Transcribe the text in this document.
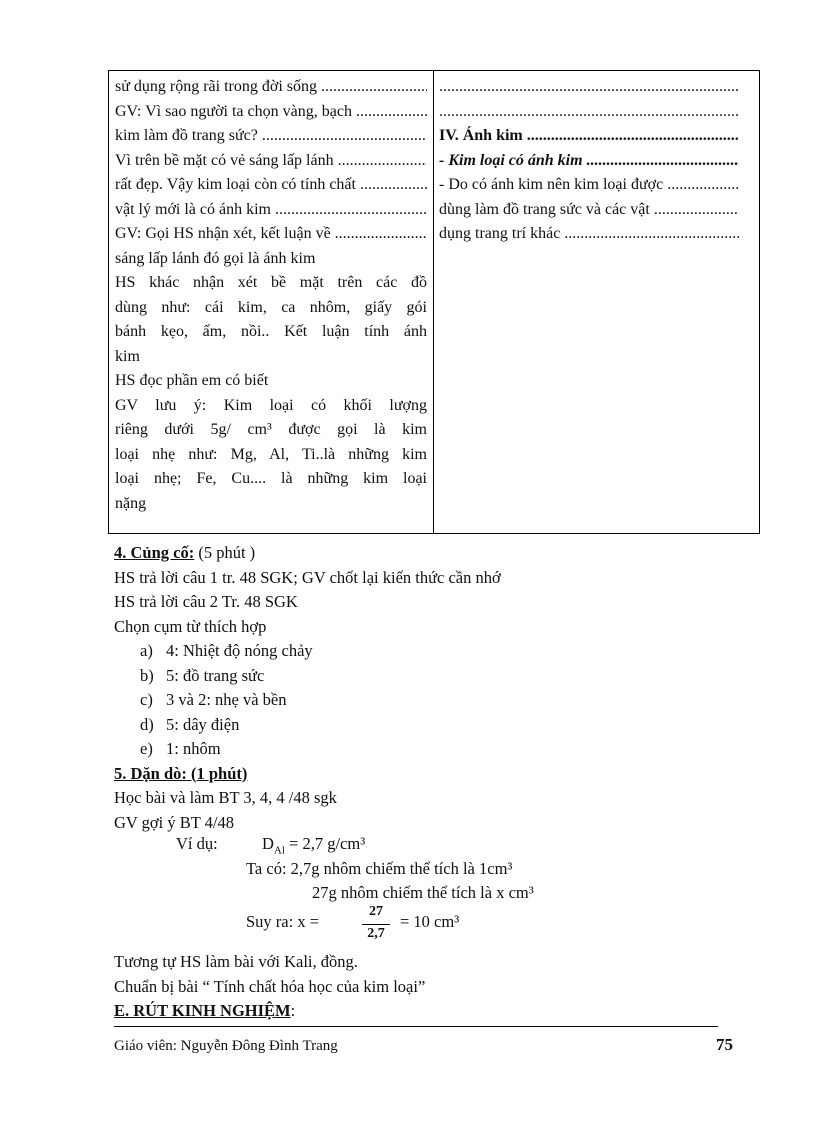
sử dụng rộng rãi trong đời sống .....
GV: Vì sao người ta chọn vàng, bạch .....
kim làm đồ trang sức? .....
Vì trên bề mặt có vẻ sáng lấp lánh .....
rất đẹp. Vậy kim loại còn có tính chất .....
vật lý mới là có ánh kim .....
GV: Gọi HS nhận xét, kết luận về .....
sáng lấp lánh đó gọi là ánh kim
HS khác nhận xét bề mặt trên các đồ
dùng như: cái kim, ca nhôm, giấy gói
bánh kẹo, ấm, nồi.. Kết luận tính ánh
kim
HS đọc phần em có biết
GV lưu ý: Kim loại có khối lượng
riêng dưới 5g/ cm³ được gọi là kim
loại nhẹ như: Mg, Al, Ti..là những kim
loại nhẹ; Fe, Cu.... là những kim loại
nặng
.....
.....
IV. Ánh kim .....
- Kim loại có ánh kim .....
- Do có ánh kim nên kim loại được .....
dùng làm đồ trang sức và các vật .....
dụng trang trí khác .....
4. Củng cố: (5 phút )
HS trả lời câu 1 tr. 48 SGK; GV chốt lại kiến thức cần nhớ
HS trả lời câu 2 Tr. 48 SGK
Chọn cụm từ thích hợp
a) 4: Nhiệt độ nóng chảy
b) 5: đồ trang sức
c) 3 và 2: nhẹ và bền
d) 5: dây điện
e) 1: nhôm
5. Dặn dò: (1 phút)
Học bài và làm BT 3, 4, 4 /48 sgk
GV gợi ý BT 4/48
Ví dụ:	$D_{Al} = 2,7$ g/cm³
Ta có: 2,7g nhôm chiếm thể tích là 1cm³
27g nhôm chiếm thể tích là x cm³
Suy ra: x =
27
2,7
= 10 cm³
Tương tự HS làm bài với Kali, đồng.
Chuẩn bị bài “ Tính chất hóa học của kim loại”
E. RÚT KINH NGHIỆM:
Giáo viên: Nguyễn Đông Đình Trang	75
